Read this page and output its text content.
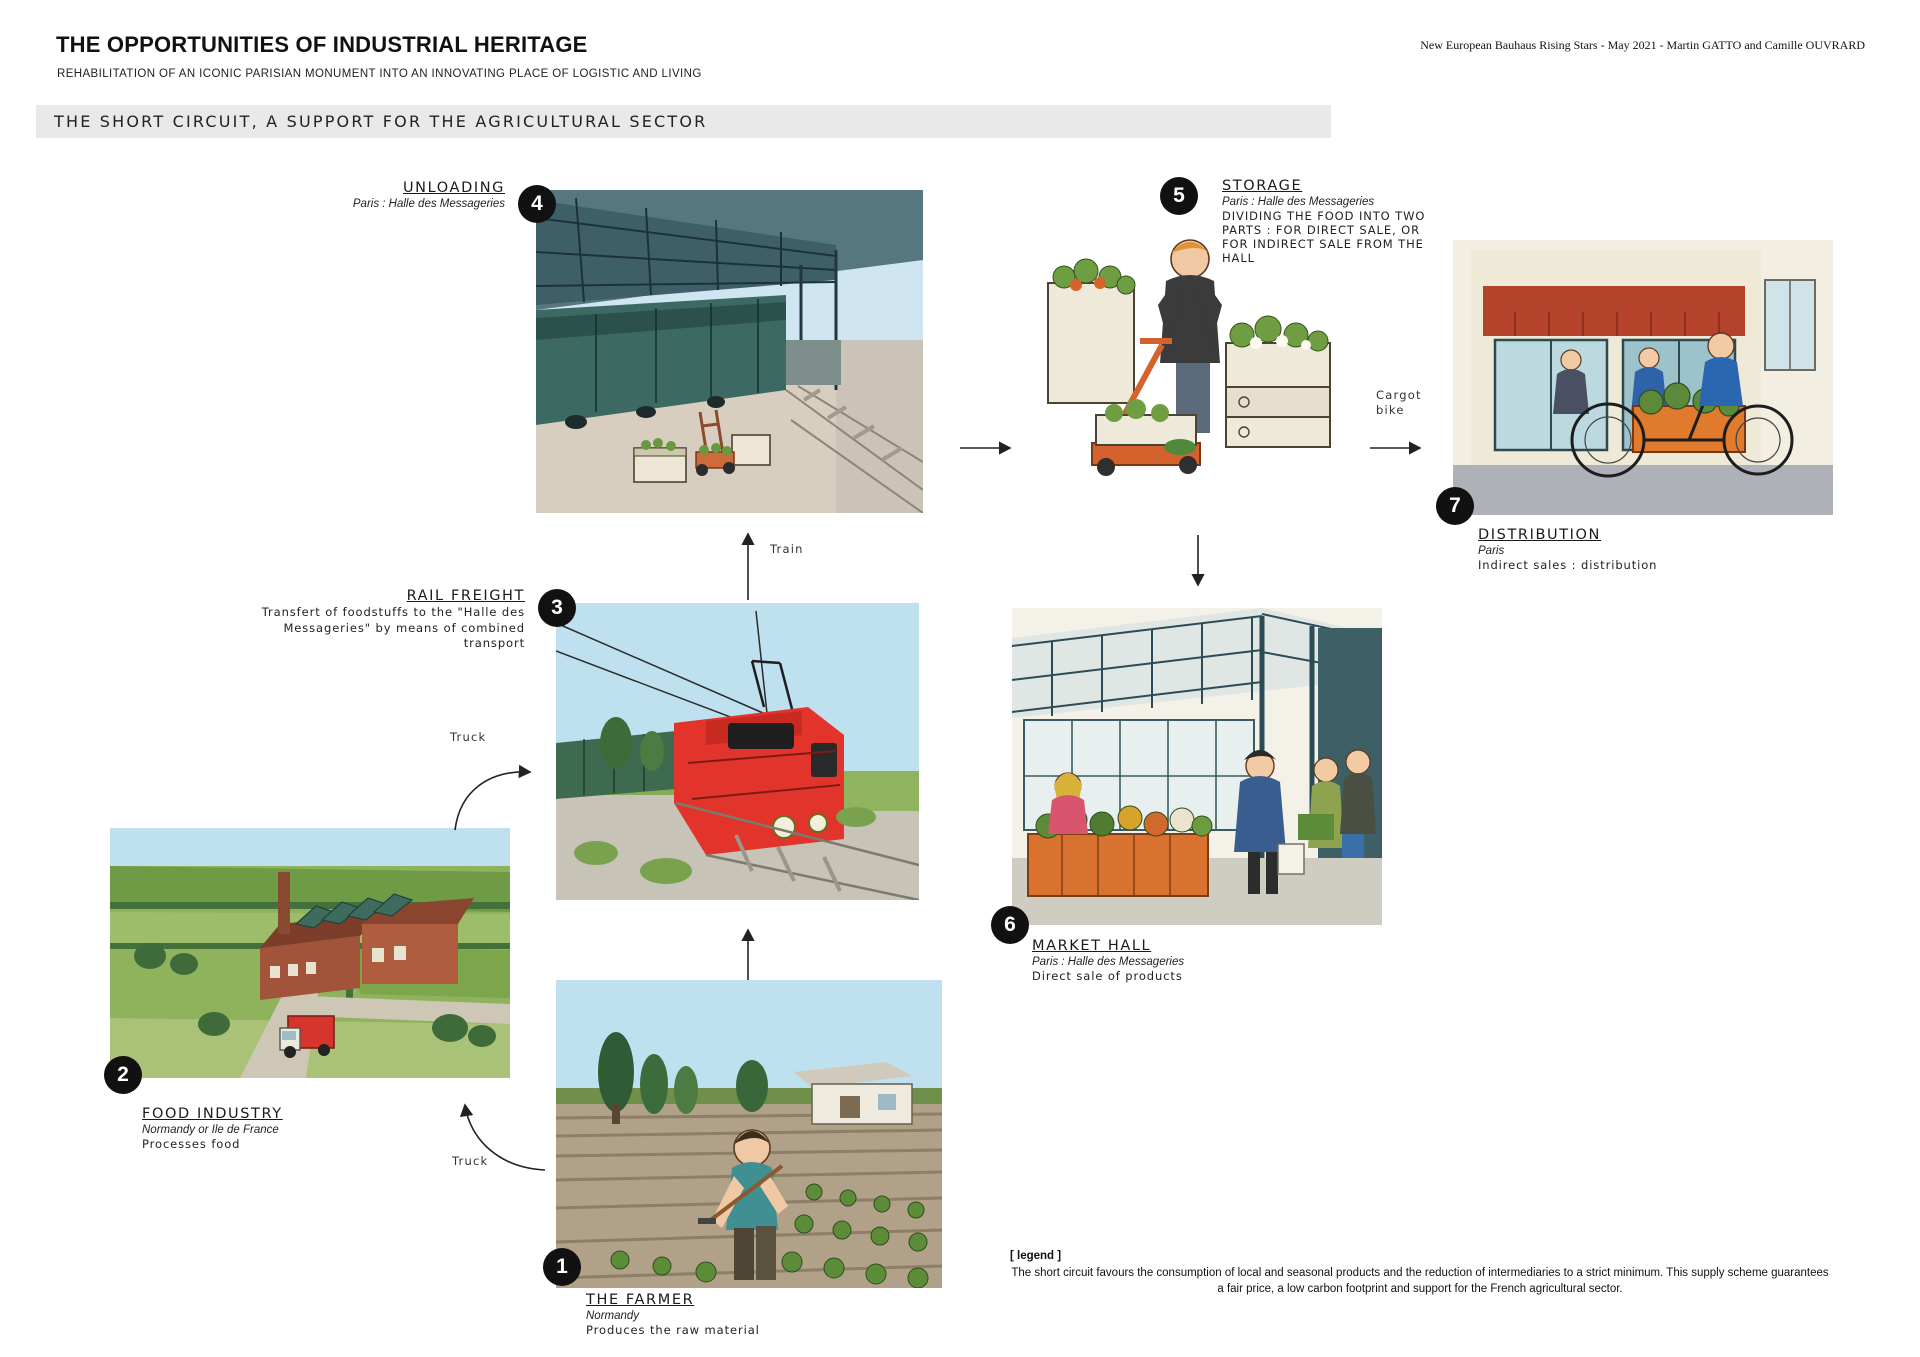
THE OPPORTUNITIES OF INDUSTRIAL HERITAGE
REHABILITATION OF AN ICONIC PARISIAN MONUMENT INTO AN INNOVATING PLACE OF LOGISTIC AND LIVING
New European Bauhaus Rising Stars - May 2021 - Martin GATTO and Camille OUVRARD
THE SHORT CIRCUIT, A SUPPORT FOR THE AGRICULTURAL SECTOR
4	5
7
3
6
2
1
UNLOADING
Paris : Halle des Messageries
STORAGE
Paris : Halle des Messageries
DIVIDING THE FOOD INTO TWO PARTS : FOR DIRECT SALE, OR FOR INDIRECT SALE FROM THE HALL
DISTRIBUTION
Paris
Indirect sales : distribution
RAIL FREIGHT
Transfert of foodstuffs to the "Halle des Messageries" by means of combined transport
MARKET HALL
Paris : Halle des Messageries
Direct sale of products
FOOD INDUSTRY
Normandy or Ile de France
Processes food
THE FARMER
Normandy
Produces the raw material
Train
Truck
Truck
Cargot bike
[ legend ]
The short circuit favours the consumption of local and seasonal products and the reduction of intermediaries to a strict minimum. This supply scheme guarantees a fair price, a low carbon footprint and support for the French agricultural sector.
